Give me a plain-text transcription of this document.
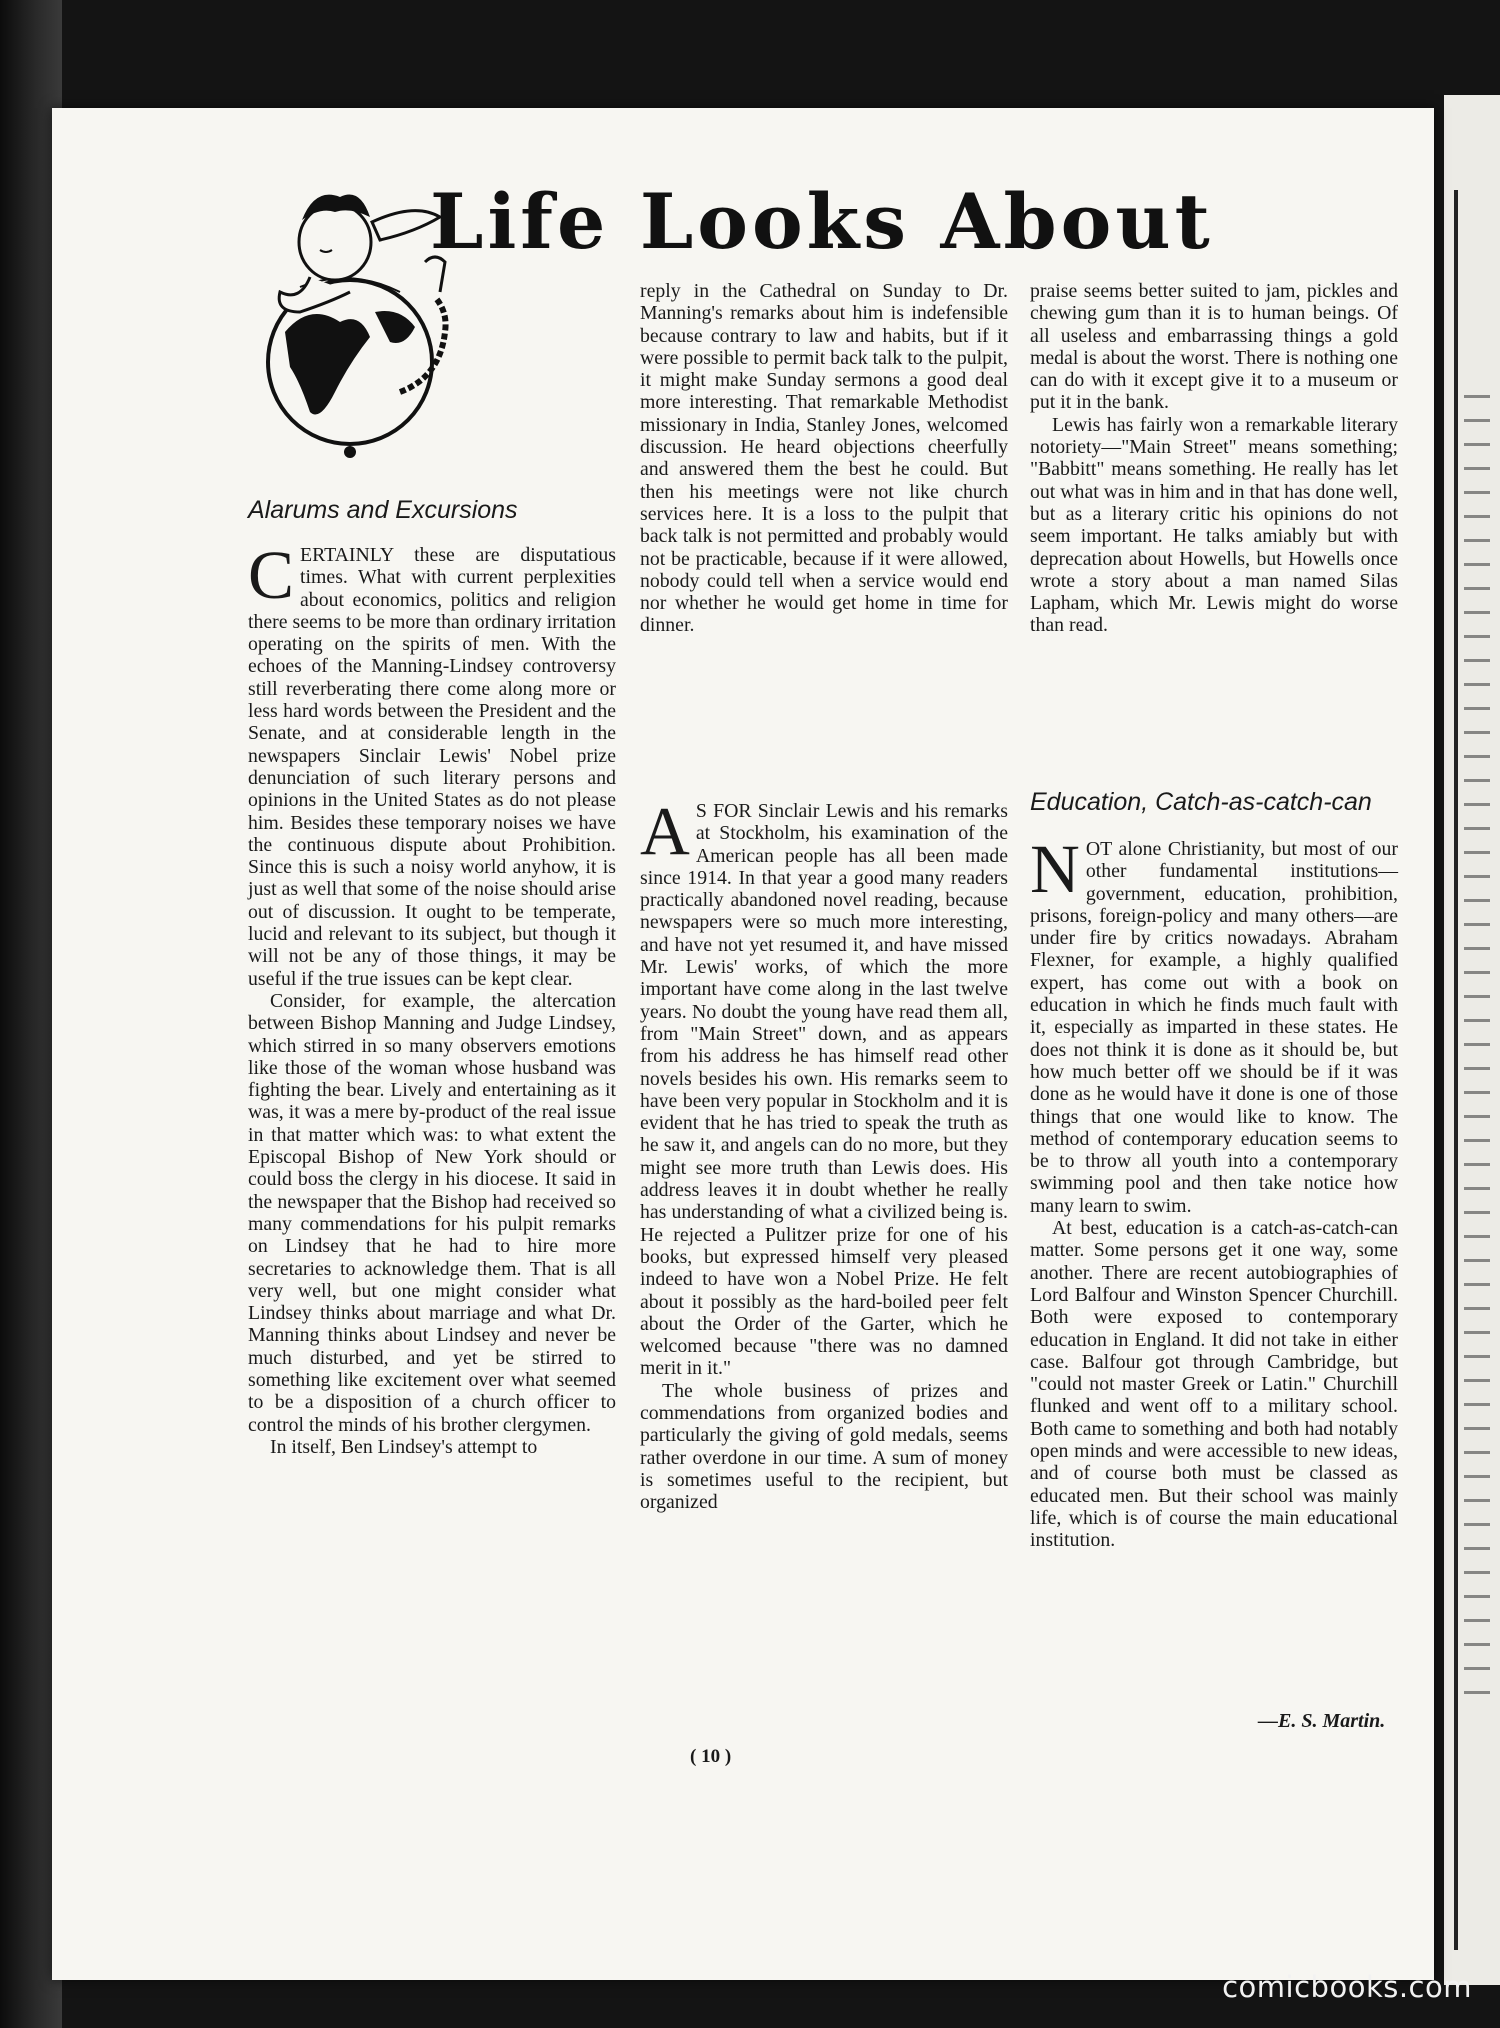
Life Looks About
Alarums and Excursions

CERTAINLY these are disputatious times. What with current perplexities about economics, politics and religion there seems to be more than ordinary irritation operating on the spirits of men. With the echoes of the Manning-Lindsey controversy still reverberating there come along more or less hard words between the President and the Senate, and at considerable length in the newspapers Sinclair Lewis' Nobel prize denunciation of such literary persons and opinions in the United States as do not please him. Besides these temporary noises we have the continuous dispute about Prohibition. Since this is such a noisy world anyhow, it is just as well that some of the noise should arise out of discussion. It ought to be temperate, lucid and relevant to its subject, but though it will not be any of those things, it may be useful if the true issues can be kept clear.

Consider, for example, the altercation between Bishop Manning and Judge Lindsey, which stirred in so many observers emotions like those of the woman whose husband was fighting the bear. Lively and entertaining as it was, it was a mere by-product of the real issue in that matter which was: to what extent the Episcopal Bishop of New York should or could boss the clergy in his diocese. It said in the newspaper that the Bishop had received so many commendations for his pulpit remarks on Lindsey that he had to hire more secretaries to acknowledge them. That is all very well, but one might consider what Lindsey thinks about marriage and what Dr. Manning thinks about Lindsey and never be much disturbed, and yet be stirred to something like excitement over what seemed to be a disposition of a church officer to control the minds of his brother clergymen.

In itself, Ben Lindsey's attempt to

reply in the Cathedral on Sunday to Dr. Manning's remarks about him is indefensible because contrary to law and habits, but if it were possible to permit back talk to the pulpit, it might make Sunday sermons a good deal more interesting. That remarkable Methodist missionary in India, Stanley Jones, welcomed discussion. He heard objections cheerfully and answered them the best he could. But then his meetings were not like church services here. It is a loss to the pulpit that back talk is not permitted and probably would not be practicable, because if it were allowed, nobody could tell when a service would end nor whether he would get home in time for dinner.

A S FOR Sinclair Lewis and his remarks at Stockholm, his examination of the American people has all been made since 1914. In that year a good many readers practically abandoned novel reading, because newspapers were so much more interesting, and have not yet resumed it, and have missed Mr. Lewis' works, of which the more important have come along in the last twelve years. No doubt the young have read them all, from "Main Street" down, and as appears from his address he has himself read other novels besides his own. His remarks seem to have been very popular in Stockholm and it is evident that he has tried to speak the truth as he saw it, and angels can do no more, but they might see more truth than Lewis does. His address leaves it in doubt whether he really has understanding of what a civilized being is. He rejected a Pulitzer prize for one of his books, but expressed himself very pleased indeed to have won a Nobel Prize. He felt about it possibly as the hard-boiled peer felt about the Order of the Garter, which he welcomed because "there was no damned merit in it."

The whole business of prizes and commendations from organized bodies and particularly the giving of gold medals, seems rather overdone in our time. A sum of money is sometimes useful to the recipient, but organized

praise seems better suited to jam, pickles and chewing gum than it is to human beings. Of all useless and embarrassing things a gold medal is about the worst. There is nothing one can do with it except give it to a museum or put it in the bank.

Lewis has fairly won a remarkable literary notoriety—"Main Street" means something; "Babbitt" means something. He really has let out what was in him and in that has done well, but as a literary critic his opinions do not seem important. He talks amiably but with deprecation about Howells, but Howells once wrote a story about a man named Silas Lapham, which Mr. Lewis might do worse than read.

Education, Catch-as-catch-can

NOT alone Christianity, but most of our other fundamental institutions—government, education, prohibition, prisons, foreign-policy and many others—are under fire by critics nowadays. Abraham Flexner, for example, a highly qualified expert, has come out with a book on education in which he finds much fault with it, especially as imparted in these states. He does not think it is done as it should be, but how much better off we should be if it was done as he would have it done is one of those things that one would like to know. The method of contemporary education seems to be to throw all youth into a contemporary swimming pool and then take notice how many learn to swim.

At best, education is a catch-as-catch-can matter. Some persons get it one way, some another. There are recent autobiographies of Lord Balfour and Winston Spencer Churchill. Both were exposed to contemporary education in England. It did not take in either case. Balfour got through Cambridge, but "could not master Greek or Latin." Churchill flunked and went off to a military school. Both came to something and both had notably open minds and were accessible to new ideas, and of course both must be classed as educated men. But their school was mainly life, which is of course the main educational institution.

—E. S. Martin.
( 10 )
comicbooks.com
